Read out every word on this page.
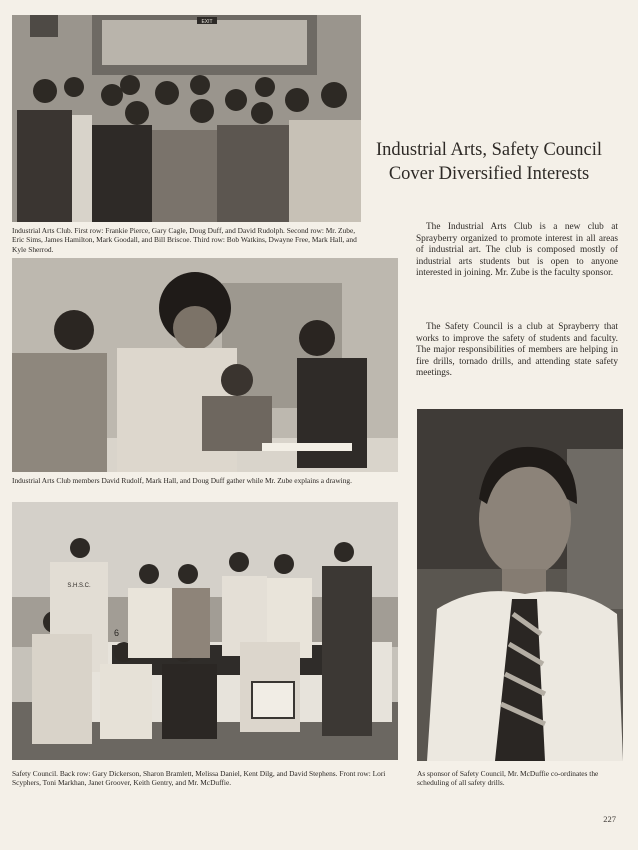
EXIT
Industrial Arts Club. First row: Frankie Pierce, Gary Cagle, Doug Duff, and David Rudolph. Second row: Mr. Zube, Eric Sims, James Hamilton, Mark Goodall, and Bill Briscoe. Third row: Bob Watkins, Dwayne Free, Mark Hall, and Kyle Sherrod.
Industrial Arts Club members David Rudolf, Mark Hall, and Doug Duff gather while Mr. Zube explains a drawing.
6
S.H.S.C.
Safety Council. Back row: Gary Dickerson, Sharon Bramlett, Melissa Daniel, Kent Dilg, and David Stephens. Front row: Lori Scyphers, Toni Markhan, Janet Groover, Keith Gentry, and Mr. McDuffie.
Industrial Arts, Safety Council Cover Diversified Interests

The Industrial Arts Club is a new club at Sprayberry organized to promote interest in all areas of industrial art. The club is composed mostly of industrial arts students but is open to anyone interested in joining. Mr. Zube is the faculty sponsor.

The Safety Council is a club at Sprayberry that works to improve the safety of students and faculty. The major responsibilities of members are helping in fire drills, tornado drills, and attending state safety meetings.

As sponsor of Safety Council, Mr. McDuffie co-ordinates the scheduling of all safety drills.
227
